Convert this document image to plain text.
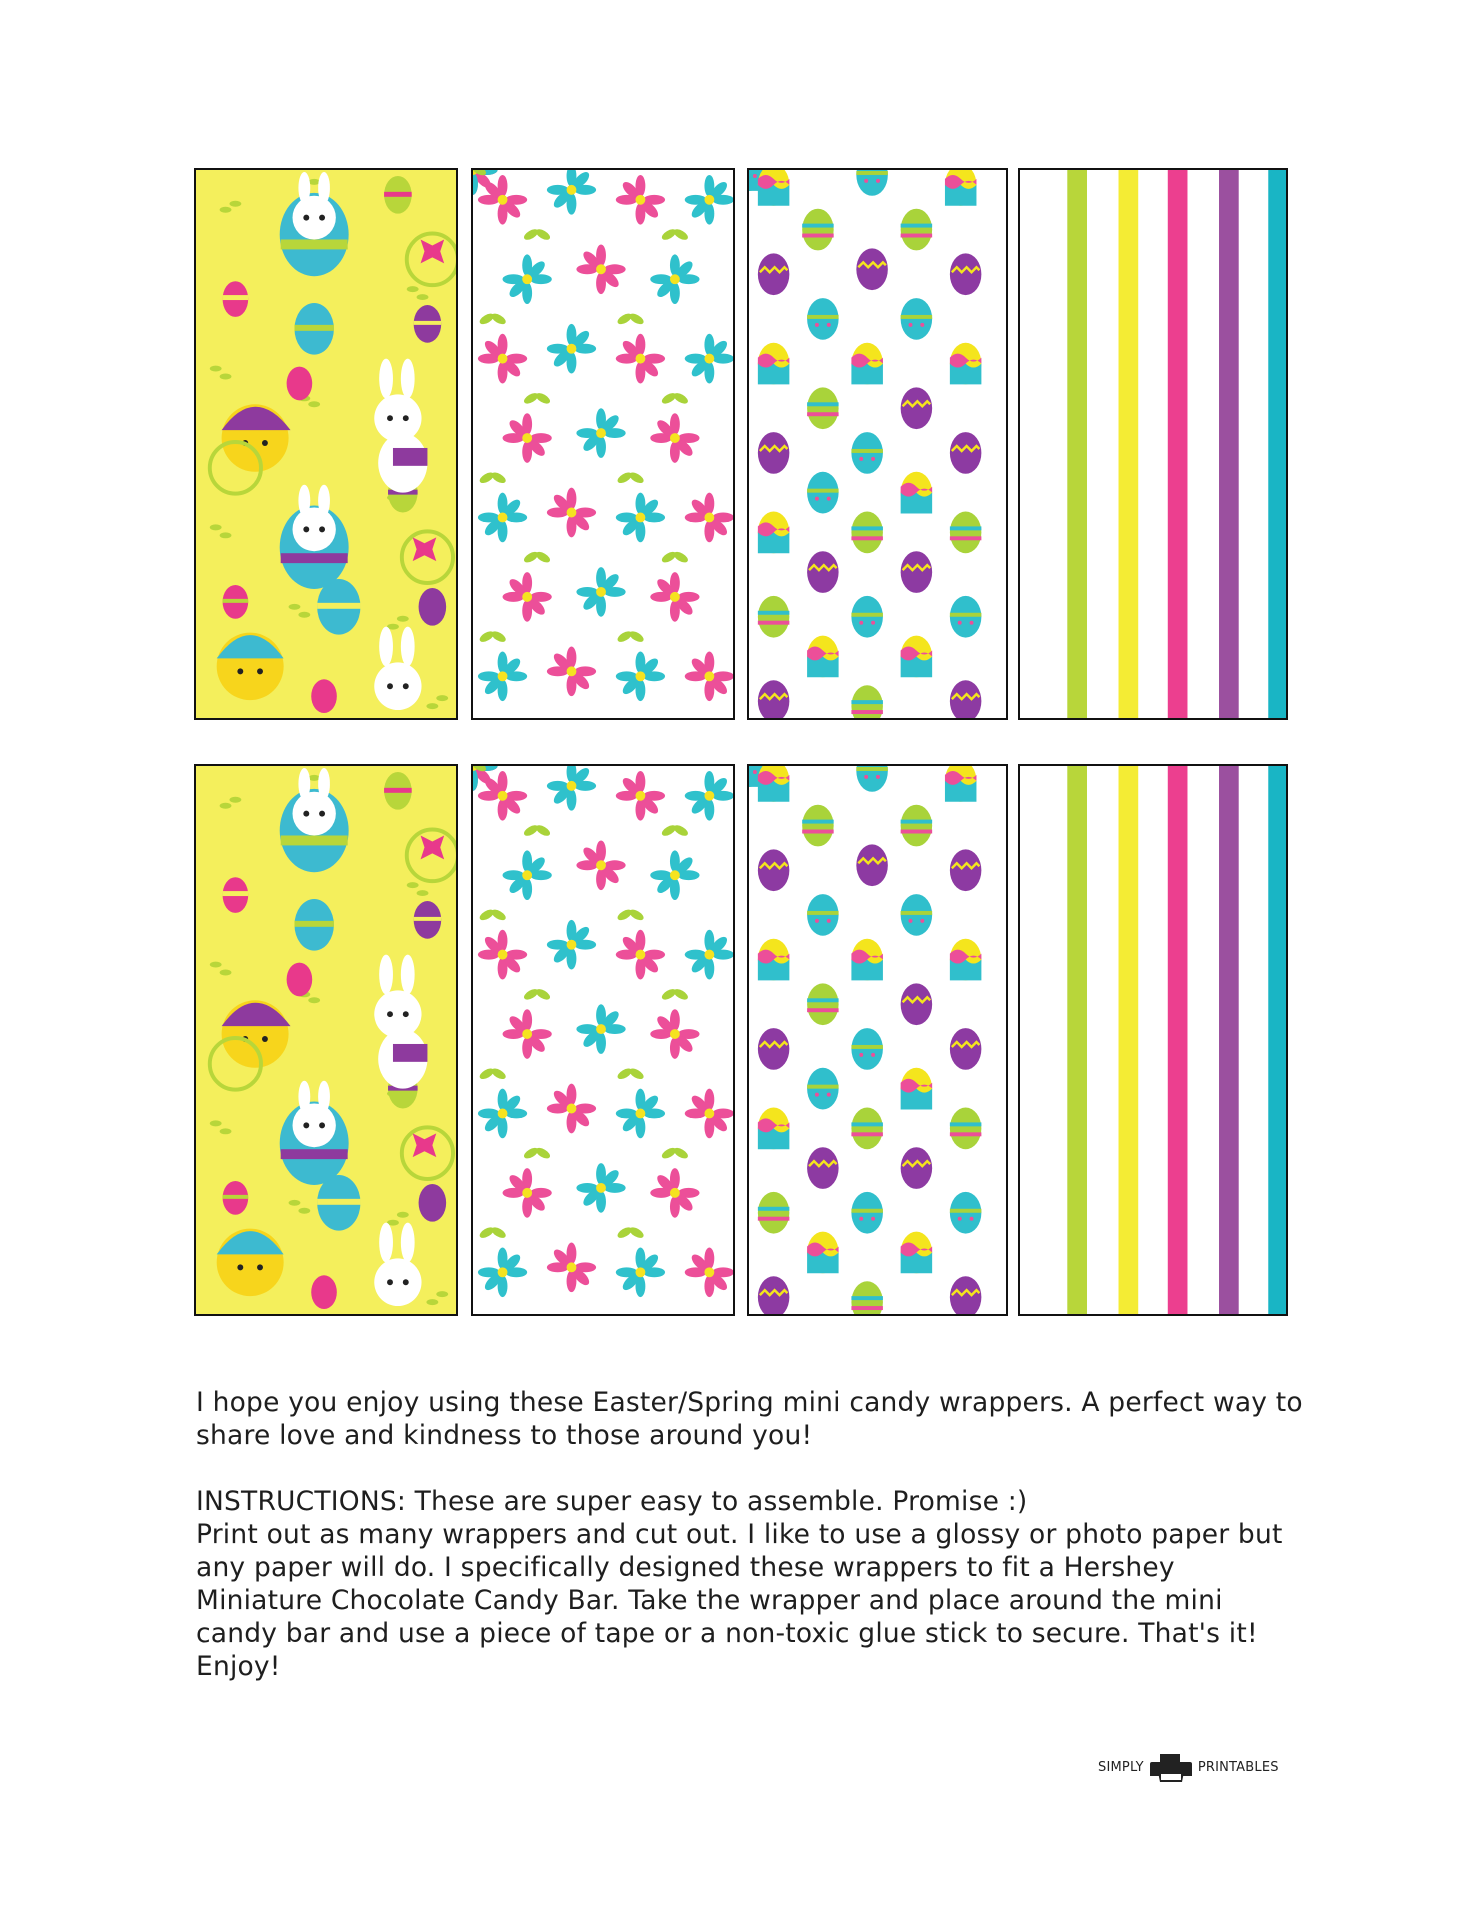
I hope you enjoy using these Easter/Spring mini candy wrappers. A perfect way to share love and kindness to those around you!

INSTRUCTIONS: These are super easy to assemble. Promise :)

Print out as many wrappers and cut out. I like to use a glossy or photo paper but any paper will do. I specifically designed these wrappers to fit a Hershey Miniature Chocolate Candy Bar. Take the wrapper and place around the mini candy bar and use a piece of tape or a non-toxic glue stick to secure. That's it! Enjoy!

SIMPLY	PRINTABLES
